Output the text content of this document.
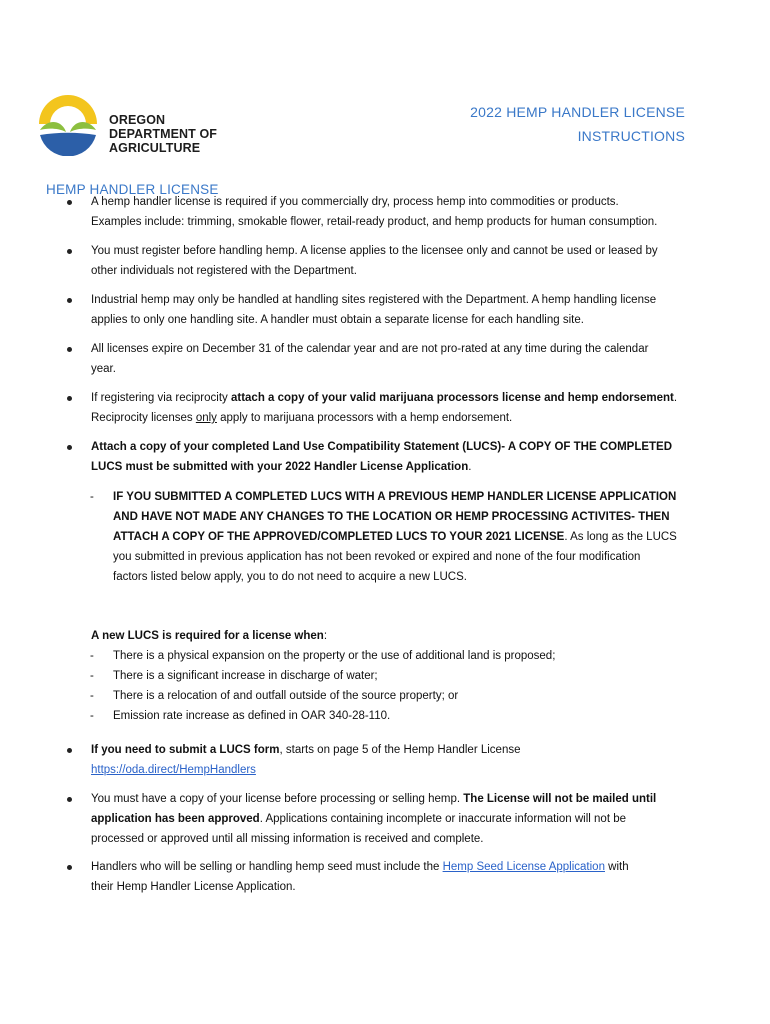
OREGON
DEPARTMENT OF
AGRICULTURE
2022 HEMP HANDLER LICENSE
INSTRUCTIONS
HEMP HANDLER LICENSE
A hemp handler license is required if you commercially dry, process hemp into commodities or products.
Examples include: trimming, smokable flower, retail-ready product, and hemp products for human consumption.
You must register before handling hemp. A license applies to the licensee only and cannot be used or leased by
other individuals not registered with the Department.
Industrial hemp may only be handled at handling sites registered with the Department. A hemp handling license
applies to only one handling site. A handler must obtain a separate license for each handling site.
All licenses expire on December 31 of the calendar year and are not pro-rated at any time during the calendar
year.
If registering via reciprocity attach a copy of your valid marijuana processors license and hemp endorsement.
Reciprocity licenses only apply to marijuana processors with a hemp endorsement.
Attach a copy of your completed Land Use Compatibility Statement (LUCS)- A COPY OF THE COMPLETED
LUCS must be submitted with your 2022 Handler License Application.
- IF YOU SUBMITTED A COMPLETED LUCS WITH A PREVIOUS HEMP HANDLER LICENSE APPLICATION
AND HAVE NOT MADE ANY CHANGES TO THE LOCATION OR HEMP PROCESSING ACTIVITES- THEN
ATTACH A COPY OF THE APPROVED/COMPLETED LUCS TO YOUR 2021 LICENSE. As long as the LUCS
you submitted in previous application has not been revoked or expired and none of the four modification
factors listed below apply, you to do not need to acquire a new LUCS.
A new LUCS is required for a license when:
- There is a physical expansion on the property or the use of additional land is proposed;
- There is a significant increase in discharge of water;
- There is a relocation of and outfall outside of the source property; or
- Emission rate increase as defined in OAR 340-28-110.
If you need to submit a LUCS form, starts on page 5 of the Hemp Handler License
https://oda.direct/HempHandlers
You must have a copy of your license before processing or selling hemp. The License will not be mailed until
application has been approved. Applications containing incomplete or inaccurate information will not be
processed or approved until all missing information is received and complete.
Handlers who will be selling or handling hemp seed must include the Hemp Seed License Application with
their Hemp Handler License Application.
